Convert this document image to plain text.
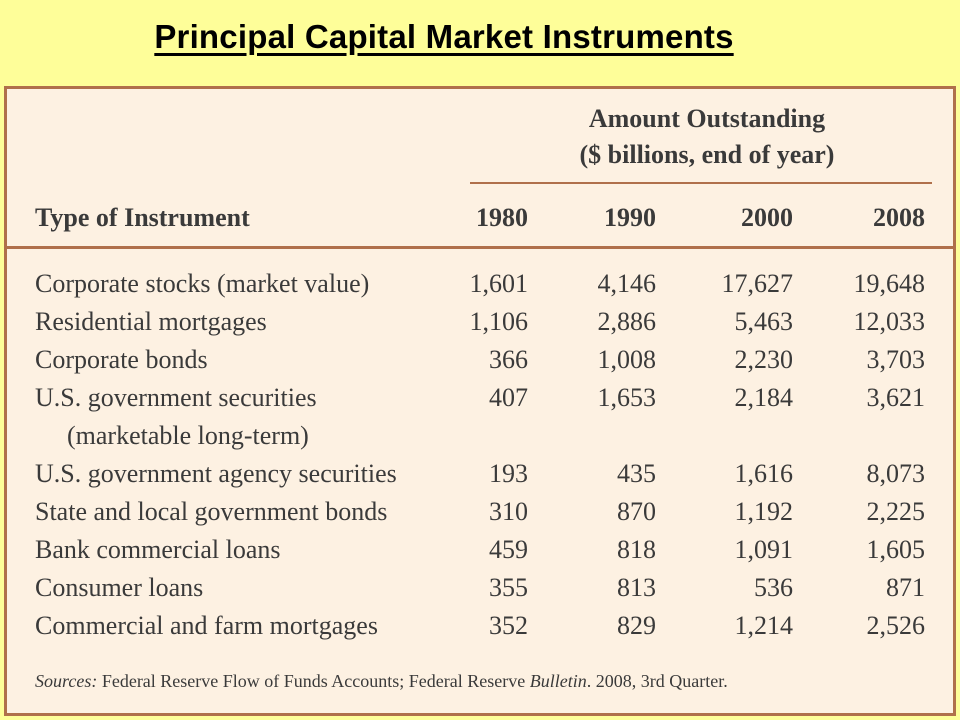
Principal Capital Market Instruments
Amount Outstanding
($ billions, end of year)
Type of Instrument	1980	1990	2000	2008
Corporate stocks (market value)	1,601	4,146	17,627	19,648
Residential mortgages	1,106	2,886	5,463	12,033
Corporate bonds	366	1,008	2,230	3,703
U.S. government securities	407	1,653	2,184	3,621
(marketable long-term)
U.S. government agency securities	193	435	1,616	8,073
State and local government bonds	310	870	1,192	2,225
Bank commercial loans	459	818	1,091	1,605
Consumer loans	355	813	536	871
Commercial and farm mortgages	352	829	1,214	2,526
Sources: Federal Reserve Flow of Funds Accounts; Federal Reserve Bulletin. 2008, 3rd Quarter.
